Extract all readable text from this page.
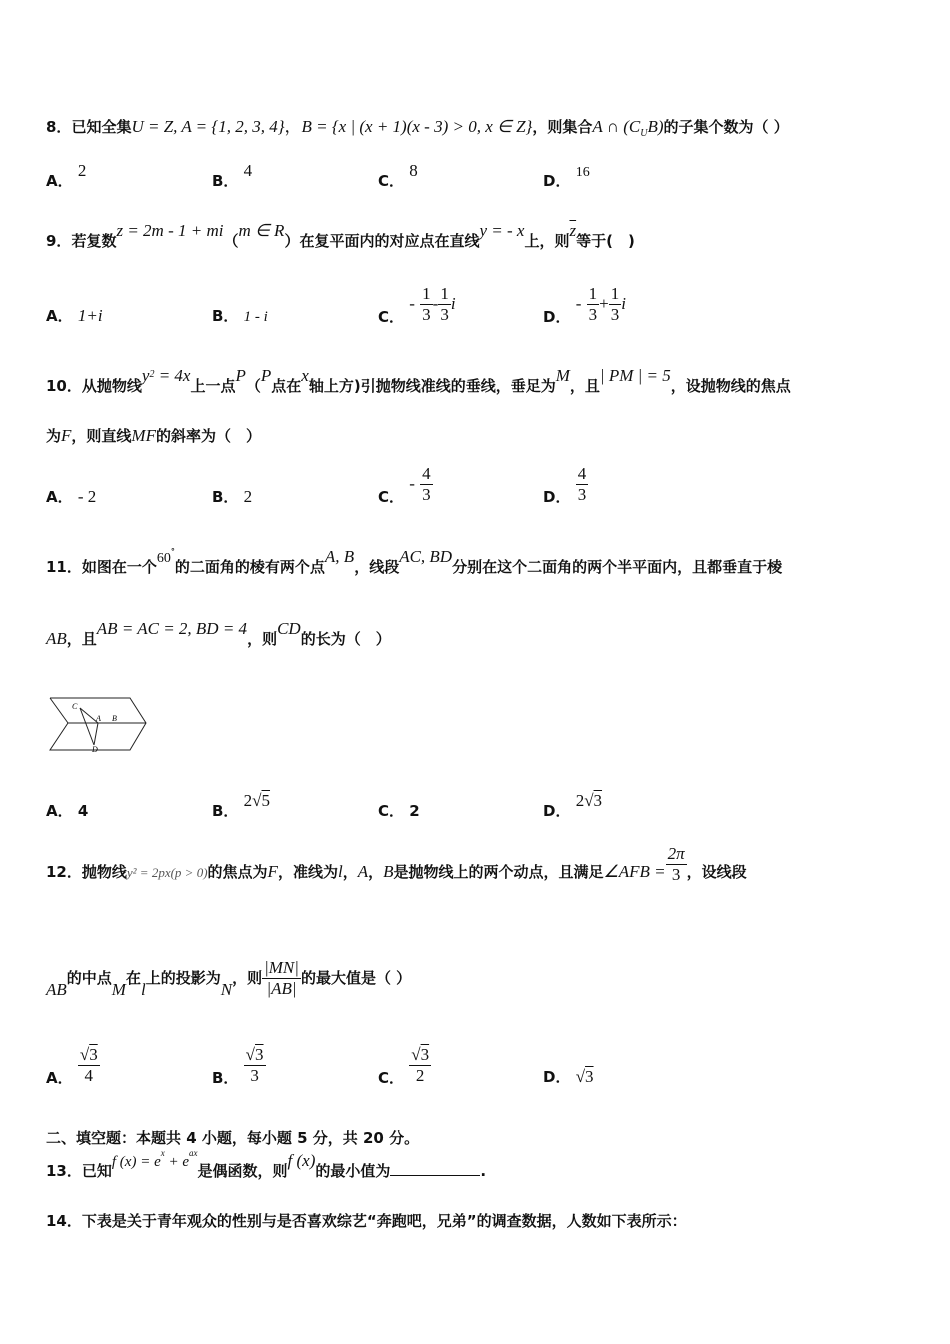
8．已知全集U = Z, A = {1, 2, 3, 4}，B = {x | (x + 1)(x - 3) > 0, x ∈ Z}，则集合A ∩ $(C_UB)$的子集个数为（ ）
A． 2
B． 4
C． 8
D． 16
9．若复数z = 2m - 1 + mi（m ∈ R）在复平面内的对应点在直线y = - x上，则$\overline{z}$等于(　)
A． 1+i	B． 1 - i	C． - $\frac{1}{3} - \frac{1}{3}$ i
D． - $\frac{1}{3} + \frac{1}{3}$ i
10．从抛物线$y^2 = 4x$上一点P（P点在x轴上方)引抛物线准线的垂线，垂足为M，且| PM | = 5，设抛物线的焦点
为F，则直线MF的斜率为（　）
A． - 2	B． 2	C． - $\frac{4}{3}$	D． $\frac{4}{3}$
11．如图在一个60°的二面角的棱有两个点A, B，线段AC, BD分别在这个二面角的两个半平面内，且都垂直于棱
AB，且AB = AC = 2, BD = 4，则CD的长为（　）
C
A B
D
A． 4	B． 2√5
C． 2	D． 2√3
12．抛物线y² = 2px(p > 0)的焦点为F，准线为l，A，B是抛物线上的两个动点，且满足∠AFB = $\frac{2\pi}{3}$ ，设线段
AB的中点M在l上的投影为N，则 $\frac{|MN|}{|AB|}$ 的最大值是（ ）
A． $\frac{√3}{4}$	B． $\frac{√3}{3}$	C． $\frac{√3}{2}$	D． √3
二、填空题：本题共 4 小题，每小题 5 分，共 20 分。
13．已知f $(x) = e^x + e^{ax}$是偶函数，则f (x)的最小值为	.
14．下表是关于青年观众的性别与是否喜欢综艺“奔跑吧，兄弟”的调查数据，人数如下表所示：
